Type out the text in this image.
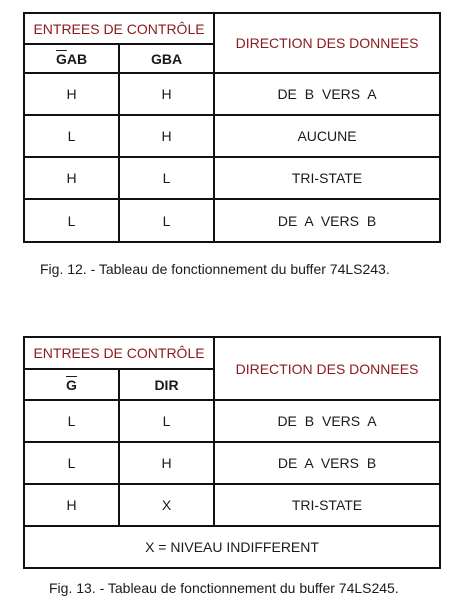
ENTREES DE CONTRÔLE		DIRECTION DES DONNEES
$\overline{G}AB$	GBA	
H	H	DE B VERS A
L	H	AUCUNE
H	L	TRI-STATE
L	L	DE A VERS B
Fig. 12. - Tableau de fonctionnement du buffer 74LS243.
ENTREES DE CONTRÔLE		DIRECTION DES DONNEES
$\overline{G}$	DIR	
L	L	DE B VERS A
L	H	DE A VERS B
H	X	TRI-STATE
X = NIVEAU INDIFFERENT		
Fig. 13. - Tableau de fonctionnement du buffer 74LS245.
